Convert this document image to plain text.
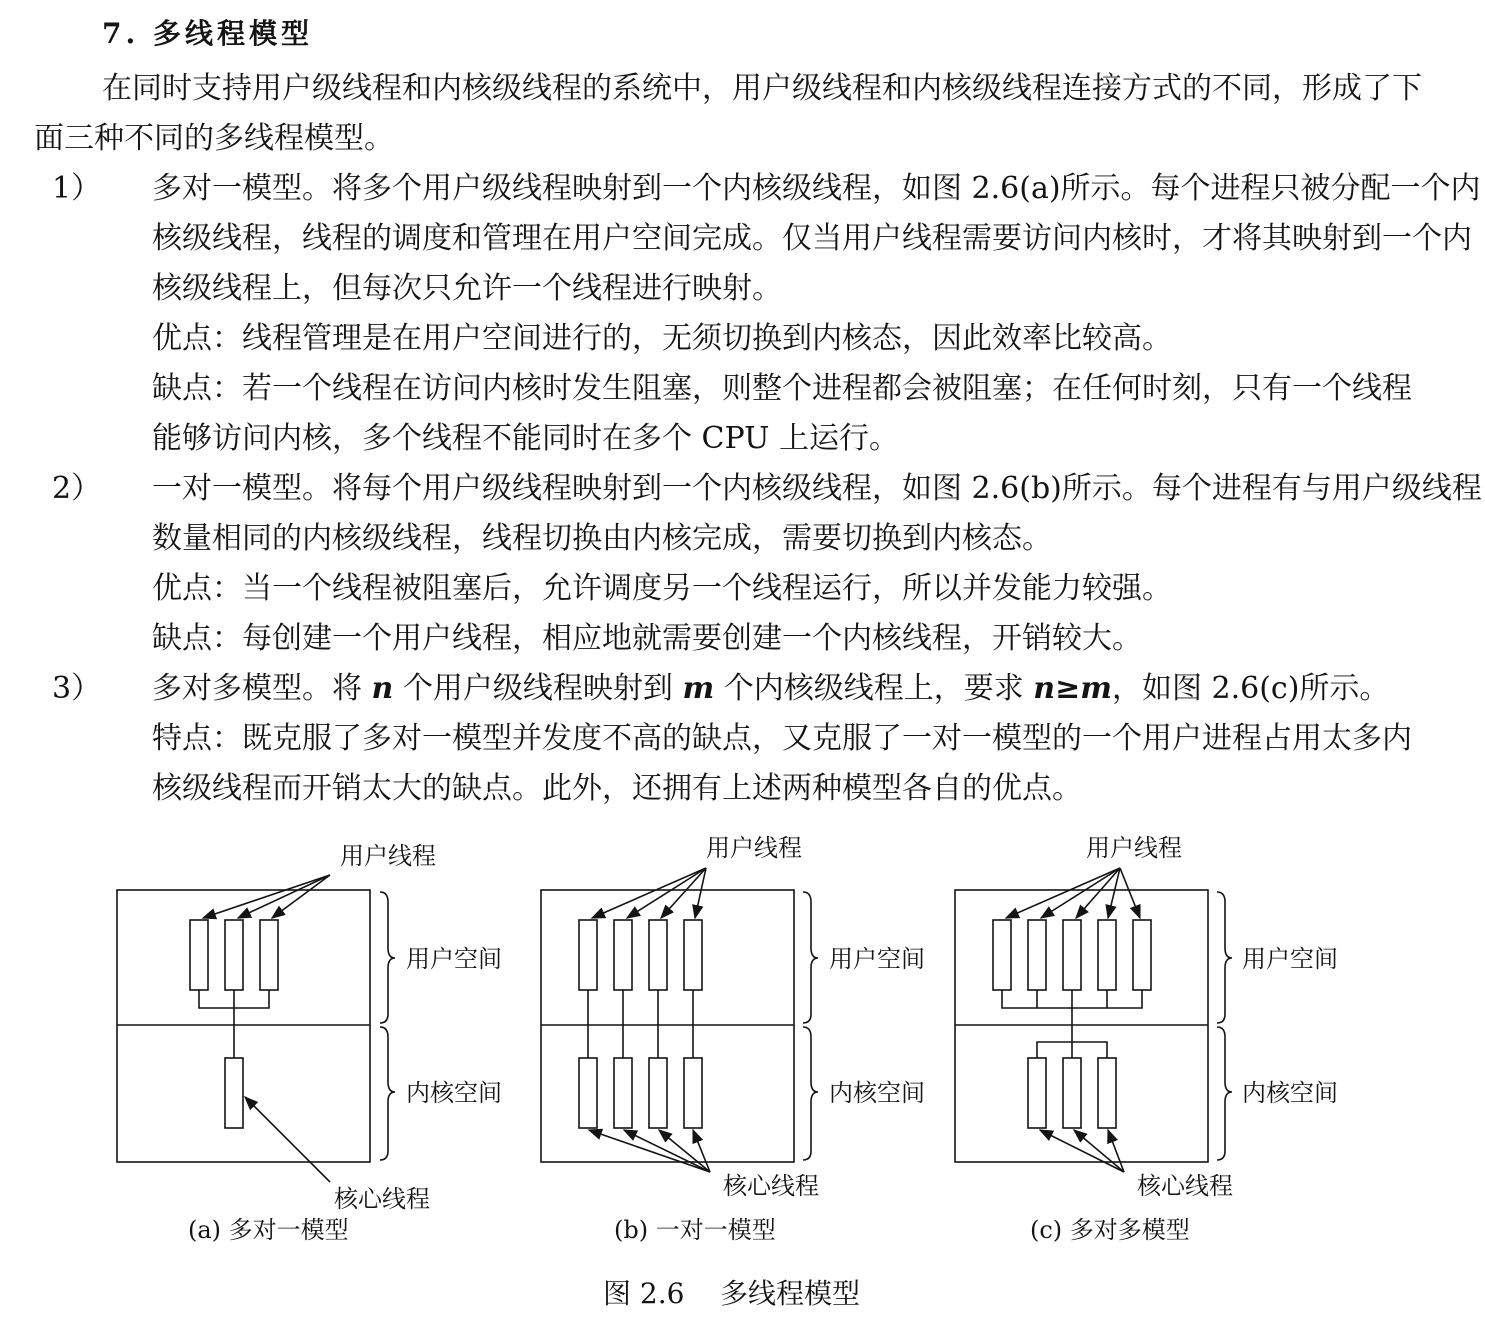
7. 多线程模型

在同时支持用户级线程和内核级线程的系统中，用户级线程和内核级线程连接方式的不同，形成了下面三种不同的多线程模型。

1） 多对一模型。将多个用户级线程映射到一个内核级线程，如图 2.6(a)所示。每个进程只被分配一个内核级线程，线程的调度和管理在用户空间完成。仅当用户线程需要访问内核时，才将其映射到一个内核级线程上，但每次只允许一个线程进行映射。

优点：线程管理是在用户空间进行的，无须切换到内核态，因此效率比较高。

缺点：若一个线程在访问内核时发生阻塞，则整个进程都会被阻塞；在任何时刻，只有一个线程能够访问内核，多个线程不能同时在多个 CPU 上运行。

2） 一对一模型。将每个用户级线程映射到一个内核级线程，如图 2.6(b)所示。每个进程有与用户级线程数量相同的内核级线程，线程切换由内核完成，需要切换到内核态。

优点：当一个线程被阻塞后，允许调度另一个线程运行，所以并发能力较强。

缺点：每创建一个用户线程，相应地就需要创建一个内核线程，开销较大。

3） 多对多模型。将 n 个用户级线程映射到 m 个内核级线程上，要求 n≥m，如图 2.6(c)所示。

特点：既克服了多对一模型并发度不高的缺点，又克服了一对一模型的一个用户进程占用太多内核级线程而开销太大的缺点。此外，还拥有上述两种模型各自的优点。

用户线程
用户空间
内核空间
核心线程
(a) 多对一模型
用户线程
用户空间
内核空间
核心线程
(b) 一对一模型
用户线程
用户空间
内核空间
核心线程
(c) 多对多模型
图 2.6    多线程模型
